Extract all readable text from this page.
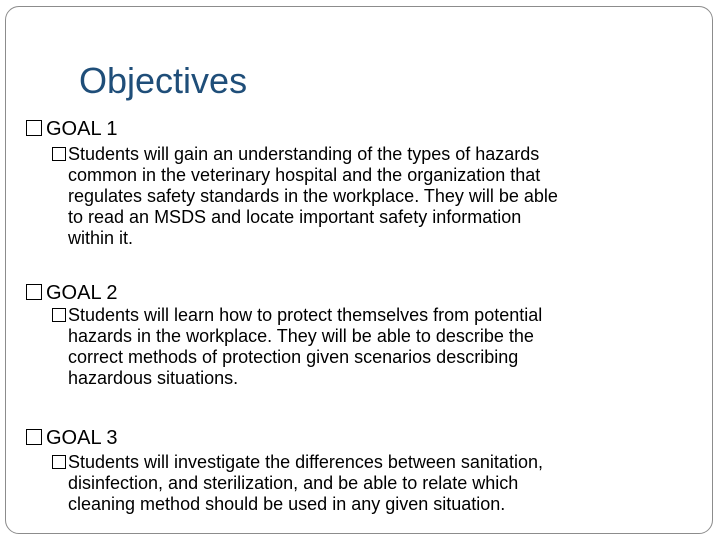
Objectives
GOAL 1
Students will gain an understanding of the types of hazards
common in the veterinary hospital and the organization that
regulates safety standards in the workplace. They will be able
to read an MSDS and locate important safety information
within it.
GOAL 2
Students will learn how to protect themselves from potential
hazards in the workplace. They will be able to describe the
correct methods of protection given scenarios describing
hazardous situations.
GOAL 3
Students will investigate the differences between sanitation,
disinfection, and sterilization, and be able to relate which
cleaning method should be used in any given situation.
